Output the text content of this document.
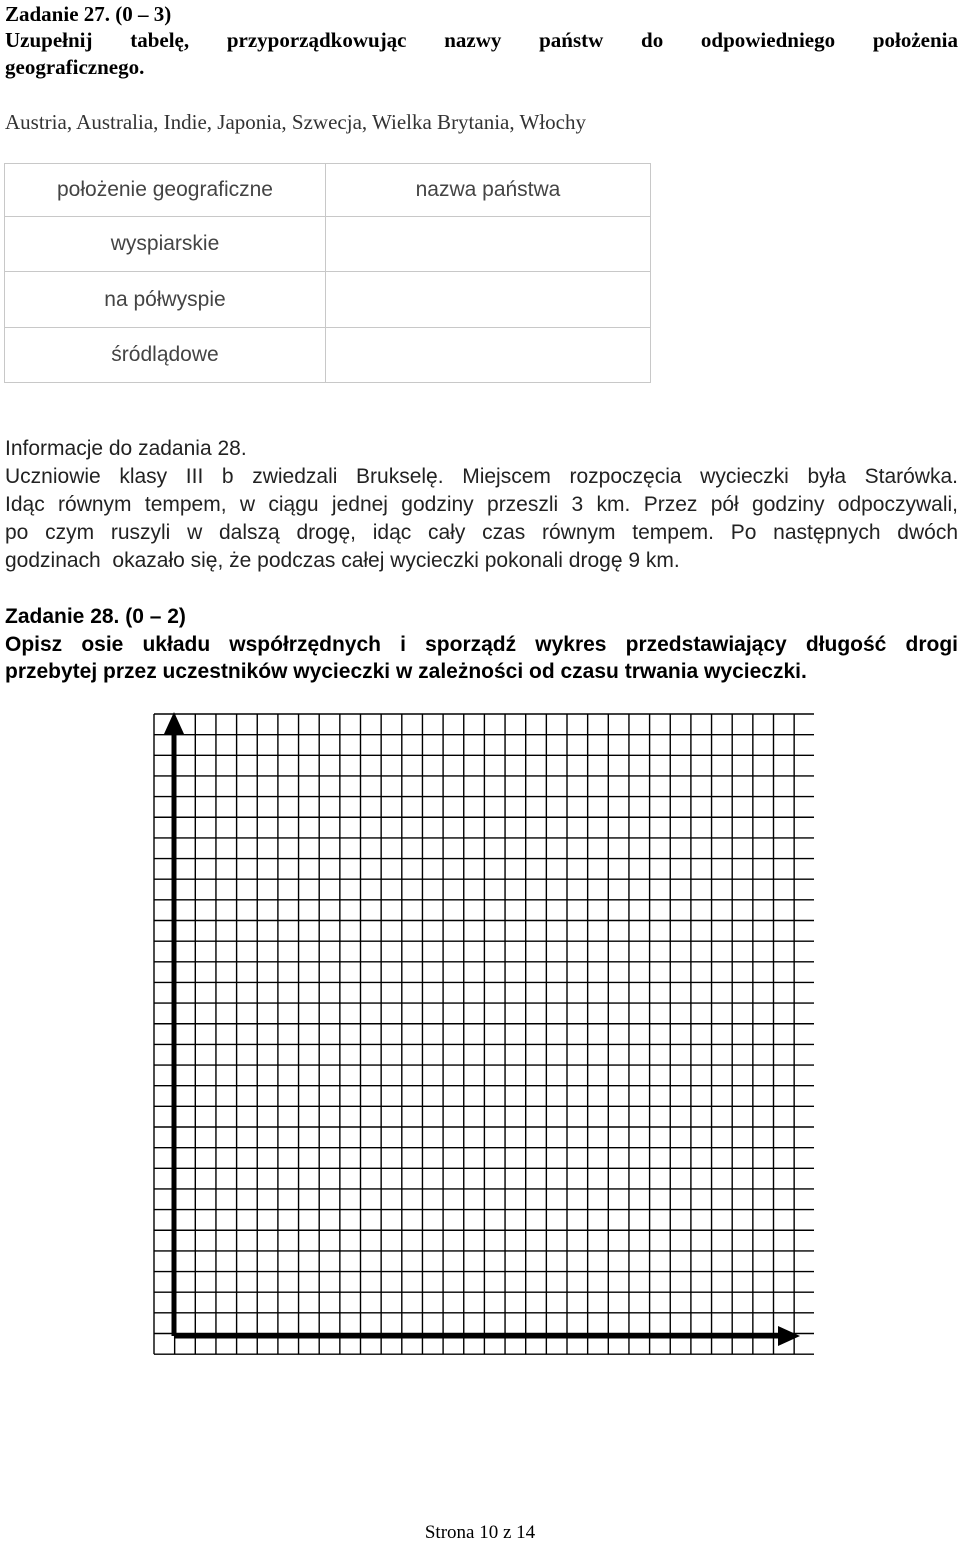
Zadanie 27. (0 – 3)
Uzupełnij tabelę, przyporządkowując nazwy państw do odpowiedniego położenia
geograficznego.
Austria, Australia, Indie, Japonia, Szwecja, Wielka Brytania, Włochy
położenie geograficzne	nazwa państwa
wyspiarskie	
na półwyspie	
śródlądowe	
Informacje do zadania 28.
Uczniowie klasy III b zwiedzali Brukselę. Miejscem rozpoczęcia wycieczki była Starówka.
Idąc równym tempem, w ciągu jednej godziny przeszli 3 km. Przez pół godziny odpoczywali,
po czym ruszyli w dalszą drogę, idąc cały czas równym tempem. Po następnych dwóch
godzinach  okazało się, że podczas całej wycieczki pokonali drogę 9 km.
Zadanie 28. (0 – 2)
Opisz osie układu współrzędnych i sporządź wykres przedstawiający długość drogi
przebytej przez uczestników wycieczki w zależności od czasu trwania wycieczki.
Strona 10 z 14
